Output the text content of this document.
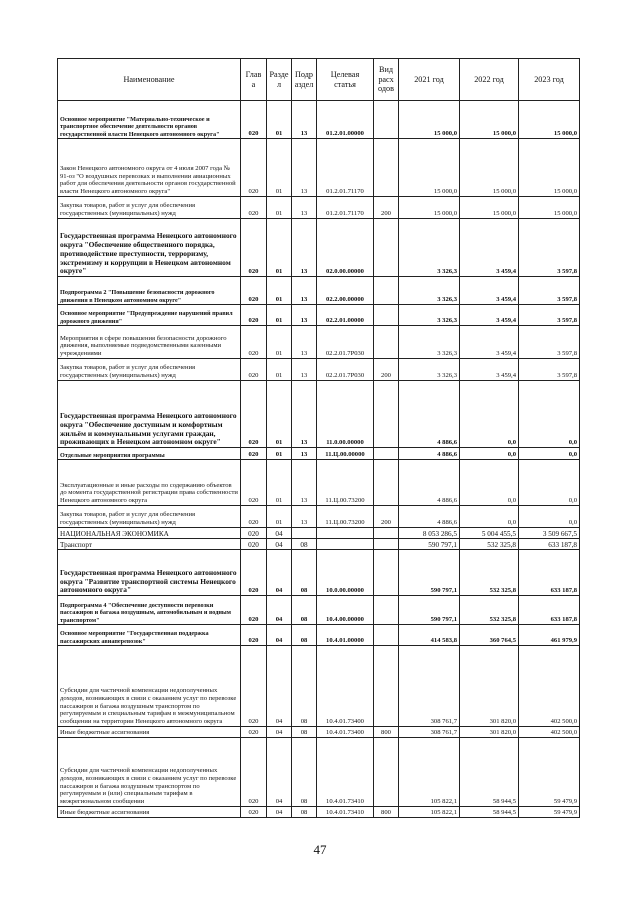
Наименование	Глав а	Разде л	Подр аздел	Целевая статья	Вид расх одов	2021 год	2022 год	2023 год
Основное мероприятие "Материально-техническое и транспортное обеспечение деятельности органов государственной власти Ненецкого автономного округа"	020	01	13	01.2.01.00000		15 000,0	15 000,0	15 000,0
Закон Ненецкого автономного округа от 4 июля 2007 года № 91-оз "О воздушных перевозках и выполнении авиационных работ для обеспечения деятельности органов государственной власти Ненецкого автономного округа"	020	01	13	01.2.01.71170		15 000,0	15 000,0	15 000,0
Закупка товаров, работ и услуг для обеспечения государственных (муниципальных) нужд	020	01	13	01.2.01.71170	200	15 000,0	15 000,0	15 000,0
Государственная программа Ненецкого автономного округа "Обеспечение общественного порядка, противодействие преступности, терроризму, экстремизму и коррупции в Ненецком автономном округе"	020	01	13	02.0.00.00000		3 326,3	3 459,4	3 597,8
Подпрограмма 2 "Повышение безопасности дорожного движения в Ненецком автономном округе"	020	01	13	02.2.00.00000		3 326,3	3 459,4	3 597,8
Основное мероприятие "Предупреждение нарушений правил дорожного движения"	020	01	13	02.2.01.00000		3 326,3	3 459,4	3 597,8
Мероприятия в сфере повышения безопасности дорожного движения, выполняемые подведомственными казенными учреждениями	020	01	13	02.2.01.7Р030		3 326,3	3 459,4	3 597,8
Закупка товаров, работ и услуг для обеспечения государственных (муниципальных) нужд	020	01	13	02.2.01.7Р030	200	3 326,3	3 459,4	3 597,8
Государственная программа Ненецкого автономного округа "Обеспечение доступным и комфортным жильём и коммунальными услугами граждан, проживающих в Ненецком автономном округе"	020	01	13	11.0.00.00000		4 886,6	0,0	0,0
Отдельные мероприятия программы	020	01	13	11.Ц.00.00000		4 886,6	0,0	0,0
Эксплуатационные и иные расходы по содержанию объектов до момента государственной регистрации права собственности Ненецкого автономного округа	020	01	13	11.Ц.00.73200		4 886,6	0,0	0,0
Закупка товаров, работ и услуг для обеспечения государственных (муниципальных) нужд	020	01	13	11.Ц.00.73200	200	4 886,6	0,0	0,0
НАЦИОНАЛЬНАЯ ЭКОНОМИКА	020	04				8 053 286,5	5 004 455,5	3 509 667,5
Транспорт	020	04	08			590 797,1	532 325,8	633 187,8
Государственная программа Ненецкого автономного округа "Развитие транспортной системы Ненецкого автономного округа"	020	04	08	10.0.00.00000		590 797,1	532 325,8	633 187,8
Подпрограмма 4 "Обеспечение доступности перевозки пассажиров и багажа воздушным, автомобильным и водным транспортом"	020	04	08	10.4.00.00000		590 797,1	532 325,8	633 187,8
Основное мероприятие "Государственная поддержка пассажирских авиаперевозок"	020	04	08	10.4.01.00000		414 583,8	360 764,5	461 979,9
Субсидии для частичной компенсации недополученных доходов, возникающих в связи с оказанием услуг по перевозке пассажиров и багажа воздушным транспортом по регулируемым и специальным тарифам в межмуниципальном сообщении на территории Ненецкого автономного округа	020	04	08	10.4.01.73400		308 761,7	301 820,0	402 500,0
Иные бюджетные ассигнования	020	04	08	10.4.01.73400	800	308 761,7	301 820,0	402 500,0
Субсидии для частичной компенсации недополученных доходов, возникающих в связи с оказанием услуг по перевозке пассажиров и багажа воздушным транспортом по регулируемым и (или) специальным тарифам в межрегиональном сообщении	020	04	08	10.4.01.73410		105 822,1	58 944,5	59 479,9
Иные бюджетные ассигнования	020	04	08	10.4.01.73410	800	105 822,1	58 944,5	59 479,9
47
